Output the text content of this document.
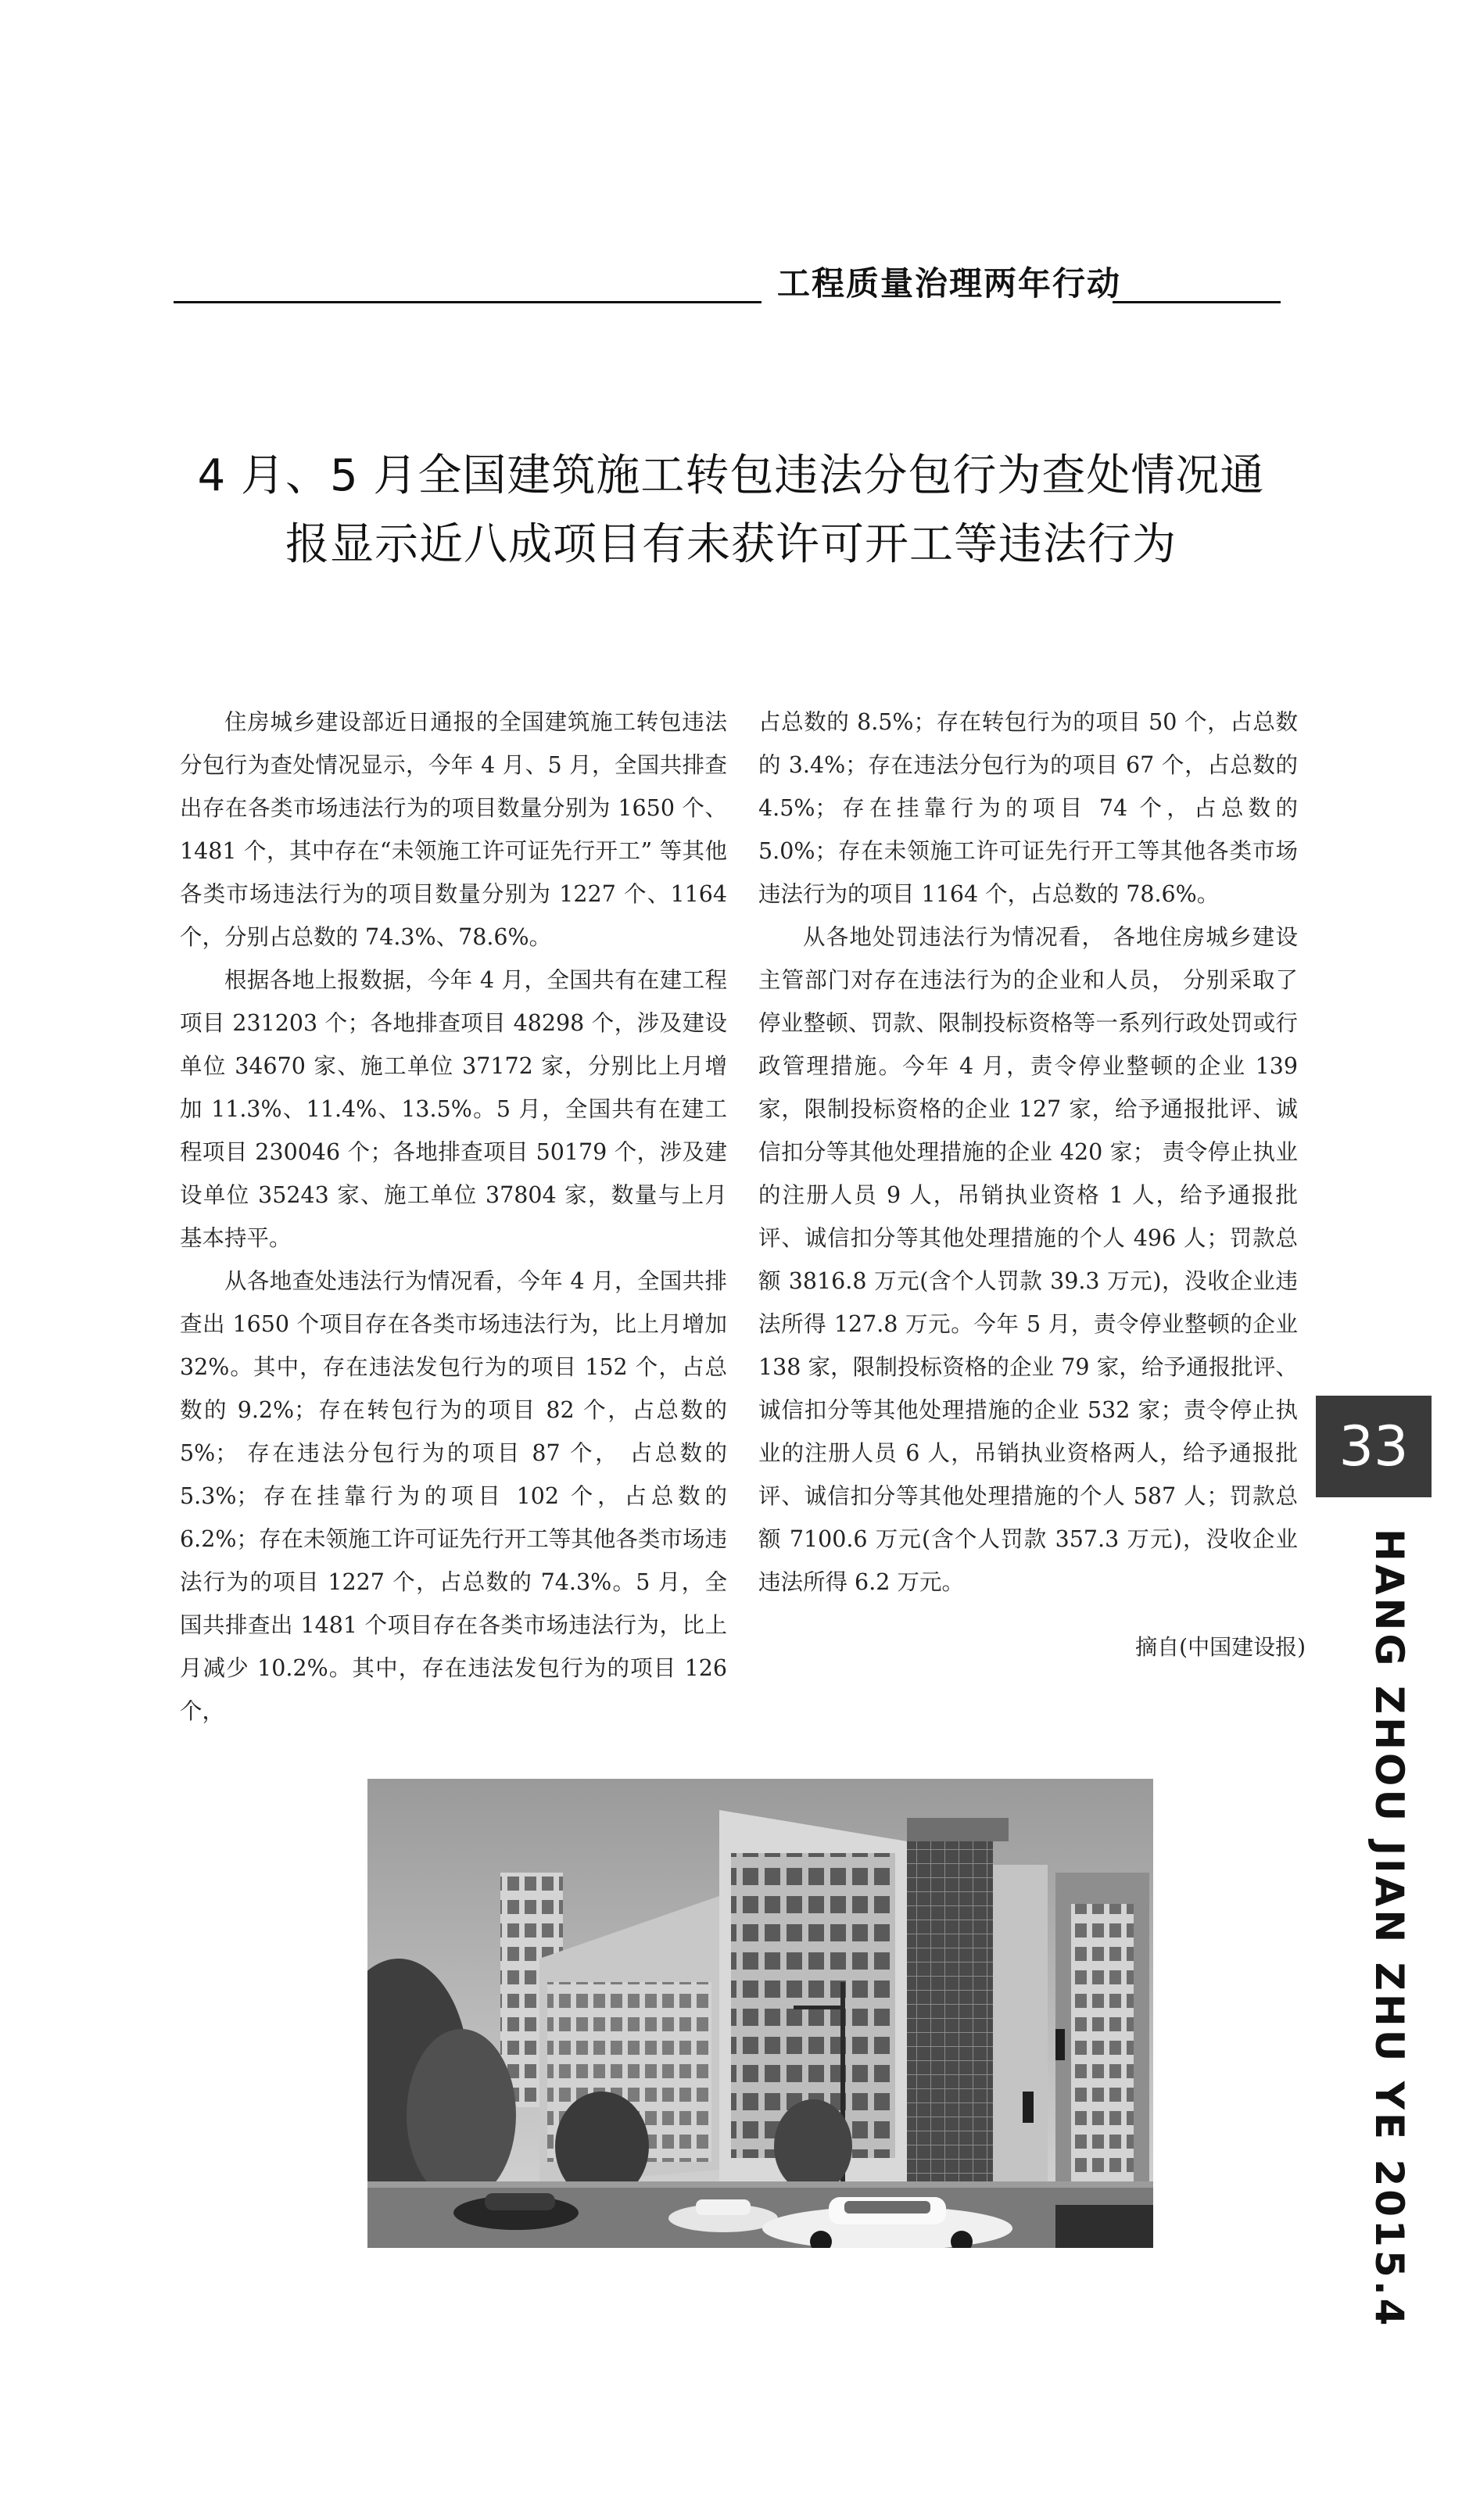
工程质量治理两年行动
4 月、5 月全国建筑施工转包违法分包行为查处情况通
报显示近八成项目有未获许可开工等违法行为

住房城乡建设部近日通报的全国建筑施工转包违法分包行为查处情况显示，今年 4 月、5 月，全国共排查出存在各类市场违法行为的项目数量分别为 1650 个、1481 个，其中存在“未领施工许可证先行开工” 等其他各类市场违法行为的项目数量分别为 1227 个、1164 个，分别占总数的 74.3%、78.6%。

根据各地上报数据，今年 4 月，全国共有在建工程项目 231203 个；各地排查项目 48298 个，涉及建设单位 34670 家、施工单位 37172 家，分别比上月增加 11.3%、11.4%、13.5%。5 月，全国共有在建工程项目 230046 个；各地排查项目 50179 个，涉及建设单位 35243 家、施工单位 37804 家，数量与上月基本持平。

从各地查处违法行为情况看，今年 4 月，全国共排查出 1650 个项目存在各类市场违法行为，比上月增加 32%。其中，存在违法发包行为的项目 152 个，占总数的 9.2%；存在转包行为的项目 82 个，占总数的 5%； 存在违法分包行为的项目 87 个， 占总数的 5.3%；存在挂靠行为的项目 102 个，占总数的 6.2%；存在未领施工许可证先行开工等其他各类市场违法行为的项目 1227 个，占总数的 74.3%。5 月，全国共排查出 1481 个项目存在各类市场违法行为，比上月减少 10.2%。其中，存在违法发包行为的项目 126 个，

占总数的 8.5%；存在转包行为的项目 50 个，占总数的 3.4%；存在违法分包行为的项目 67 个，占总数的 4.5%；存在挂靠行为的项目 74 个，占总数的 5.0%；存在未领施工许可证先行开工等其他各类市场违法行为的项目 1164 个，占总数的 78.6%。

从各地处罚违法行为情况看， 各地住房城乡建设主管部门对存在违法行为的企业和人员， 分别采取了停业整顿、罚款、限制投标资格等一系列行政处罚或行政管理措施。今年 4 月，责令停业整顿的企业 139 家，限制投标资格的企业 127 家，给予通报批评、诚信扣分等其他处理措施的企业 420 家； 责令停止执业的注册人员 9 人，吊销执业资格 1 人，给予通报批评、诚信扣分等其他处理措施的个人 496 人；罚款总额 3816.8 万元(含个人罚款 39.3 万元)，没收企业违法所得 127.8 万元。今年 5 月，责令停业整顿的企业 138 家，限制投标资格的企业 79 家，给予通报批评、诚信扣分等其他处理措施的企业 532 家；责令停止执业的注册人员 6 人，吊销执业资格两人，给予通报批评、诚信扣分等其他处理措施的个人 587 人；罚款总额 7100.6 万元(含个人罚款 357.3 万元)，没收企业违法所得 6.2 万元。

摘自(中国建设报)
33
HANG ZHOU JIAN ZHU YE 2015.4
